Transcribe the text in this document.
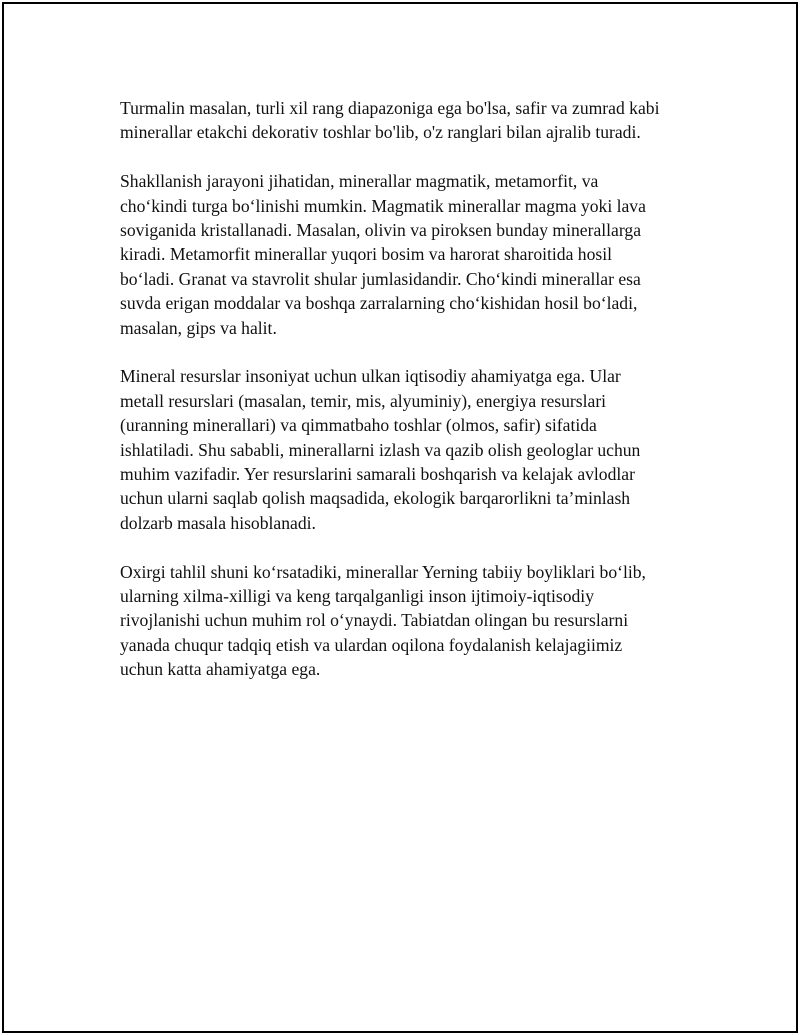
Turmalin masalan, turli xil rang diapazoniga ega bo'lsa, safir va zumrad kabi
minerallar etakchi dekorativ toshlar bo'lib, o'z ranglari bilan ajralib turadi.

Shakllanish jarayoni jihatidan, minerallar magmatik, metamorfit, va
cho‘kindi turga bo‘linishi mumkin. Magmatik minerallar magma yoki lava
soviganida kristallanadi. Masalan, olivin va piroksen bunday minerallarga
kiradi. Metamorfit minerallar yuqori bosim va harorat sharoitida hosil
bo‘ladi. Granat va stavrolit shular jumlasidandir. Cho‘kindi minerallar esa
suvda erigan moddalar va boshqa zarralarning cho‘kishidan hosil bo‘ladi,
masalan, gips va halit.

Mineral resurslar insoniyat uchun ulkan iqtisodiy ahamiyatga ega. Ular
metall resurslari (masalan, temir, mis, alyuminiy), energiya resurslari
(uranning minerallari) va qimmatbaho toshlar (olmos, safir) sifatida
ishlatiladi. Shu sababli, minerallarni izlash va qazib olish geologlar uchun
muhim vazifadir. Yer resurslarini samarali boshqarish va kelajak avlodlar
uchun ularni saqlab qolish maqsadida, ekologik barqarorlikni ta’minlash
dolzarb masala hisoblanadi.

Oxirgi tahlil shuni ko‘rsatadiki, minerallar Yerning tabiiy boyliklari bo‘lib,
ularning xilma-xilligi va keng tarqalganligi inson ijtimoiy-iqtisodiy
rivojlanishi uchun muhim rol o‘ynaydi. Tabiatdan olingan bu resurslarni
yanada chuqur tadqiq etish va ulardan oqilona foydalanish kelajagiimiz
uchun katta ahamiyatga ega.
